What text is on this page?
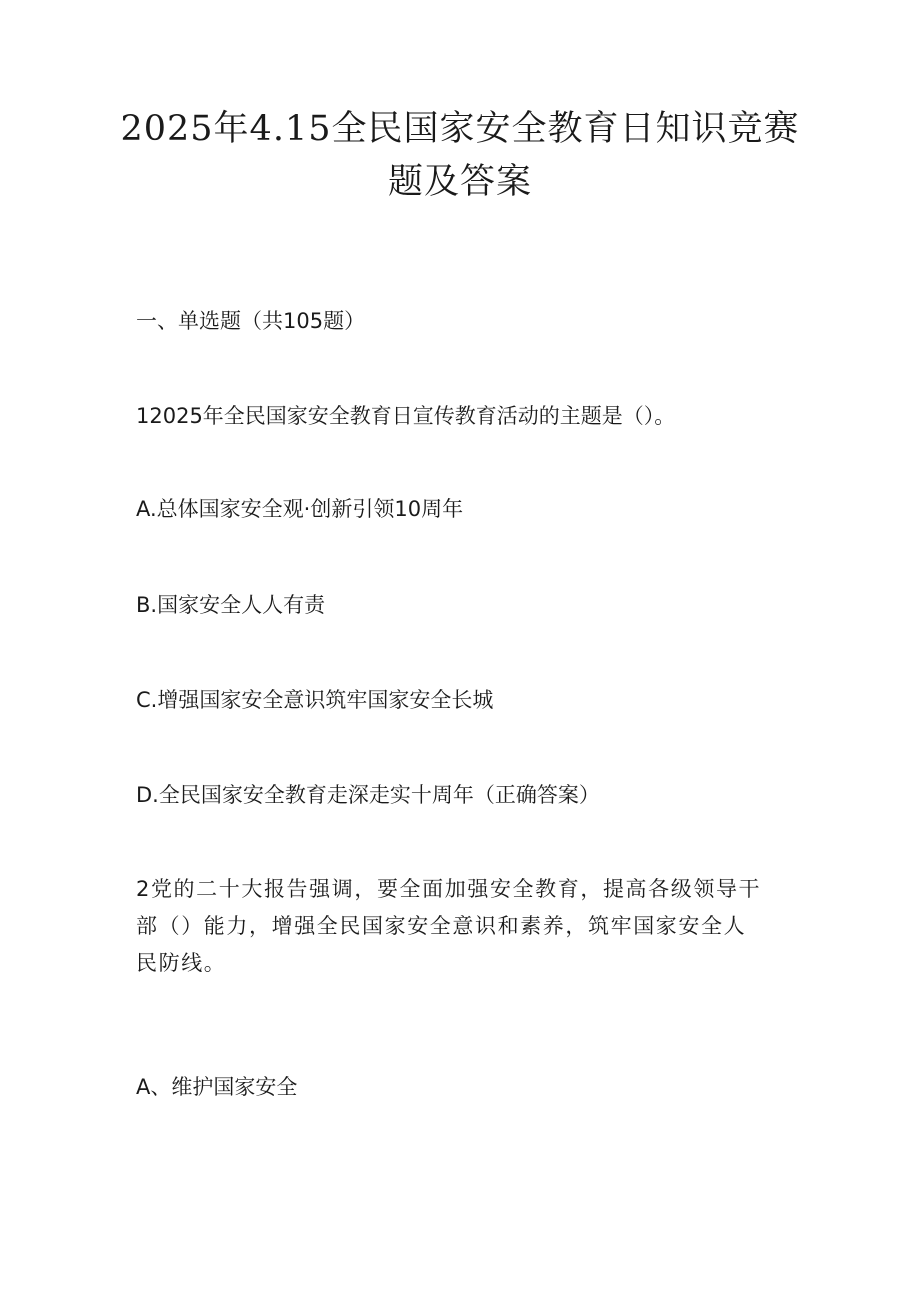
2025年4.15全民国家安全教育日知识竞赛
题及答案

一、单选题（共105题）

12025年全民国家安全教育日宣传教育活动的主题是（）。

A.总体国家安全观·创新引领10周年

B.国家安全人人有责

C.增强国家安全意识筑牢国家安全长城

D.全民国家安全教育走深走实十周年（正确答案）

2党的二十大报告强调，要全面加强安全教育，提高各级领导干
部（）能力，增强全民国家安全意识和素养，筑牢国家安全人
民防线。

A、维护国家安全
